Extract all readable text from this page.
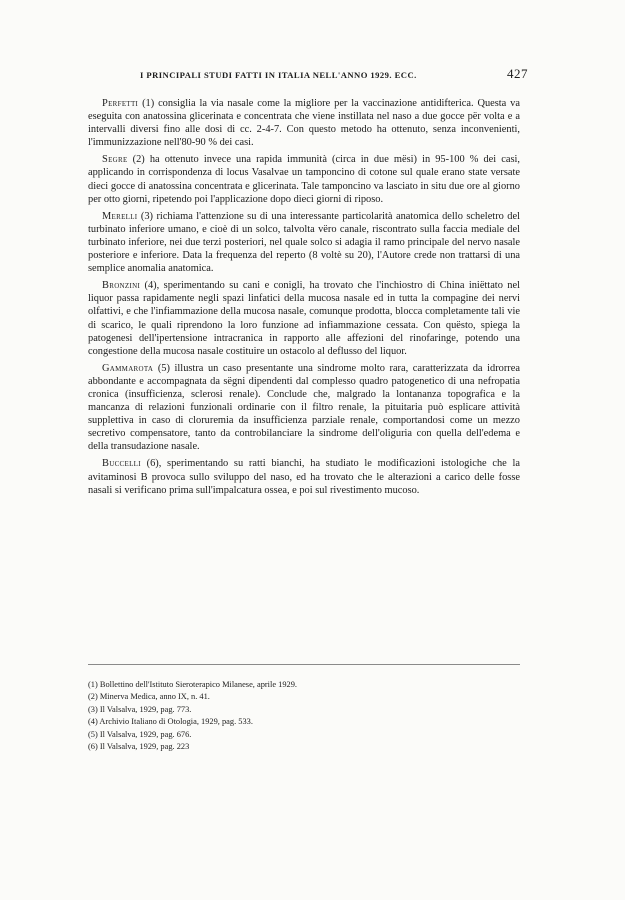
I PRINCIPALI STUDI FATTI IN ITALIA NELL'ANNO 1929. ECC.	427

Perfetti (1) consiglia la via nasale come la migliore per la vaccinazione antidifterica. Questa va eseguita con anatossina glicerinata e concentrata che viene instillata nel naso a due gocce për volta e a intervalli diversi fino alle dosi di cc. 2-4-7. Con questo metodo ha ottenuto, senza inconvenienti, l'immunizzazione nell'80-90 % dei casi.

Segre (2) ha ottenuto invece una rapida immunità (circa in due mësi) in 95-100 % dei casi, applicando in corrispondenza di locus Vasalvae un tamponcino di cotone sul quale erano state versate dieci gocce di anatossina concentrata e glicerinata. Tale tamponcino va lasciato in situ due ore al giorno per otto giorni, ripetendo poi l'applicazione dopo dieci giorni di riposo.

Merelli (3) richiama l'attenzione su di una interessante particolarità anatomica dello scheletro del turbinato inferiore umano, e cioè di un solco, talvolta vëro canale, riscontrato sulla faccia mediale del turbinato inferiore, nei due terzi posteriori, nel quale solco si adagia il ramo principale del nervo nasale posteriore e inferiore. Data la frequenza del reperto (8 voltè su 20), l'Autore crede non trattarsi di una semplice anomalia anatomica.

Bronzini (4), sperimentando su cani e conigli, ha trovato che l'inchiostro di China iniëttato nel liquor passa rapidamente negli spazi linfatici della mucosa nasale ed in tutta la compagine dei nervi olfattivi, e che l'infiammazione della mucosa nasale, comunque prodotta, blocca completamente tali vie di scarico, le quali riprendono la loro funzione ad infiammazione cessata. Con quësto, spiega la patogenesi dell'ipertensione intracranica in rapporto alle affezioni del rinofaringe, potendo una congestione della mucosa nasale costituire un ostacolo al deflusso del liquor.

Gammarota (5) illustra un caso presentante una sindrome molto rara, caratterizzata da idrorrea abbondante e accompagnata da sëgni dipendenti dal complesso quadro patogenetico di una nefropatia cronica (insufficienza, sclerosi renale). Conclude che, malgrado la lontananza topografica e la mancanza di relazioni funzionali ordinarie con il filtro renale, la pituitaria può esplicare attività supplettiva in caso di cloruremia da insufficienza parziale renale, comportandosi come un mezzo secretivo compensatore, tanto da controbilanciare la sindrome dell'oliguria con quella dell'edema e della transudazione nasale.

Buccelli (6), sperimentando su ratti bianchi, ha studiato le modificazioni istologiche che la avitaminosi B provoca sullo sviluppo del naso, ed ha trovato che le alterazioni a carico delle fosse nasali si verificano prima sull'impalcatura ossea, e poi sul rivestimento mucoso.

(1) Bollettino dell'Istituto Sieroterapico Milanese, aprile 1929.
(2) Minerva Medica, anno IX, n. 41.
(3) Il Valsalva, 1929, pag. 773.
(4) Archivio Italiano di Otologia, 1929, pag. 533.
(5) Il Valsalva, 1929, pag. 676.
(6) Il Valsalva, 1929, pag. 223
